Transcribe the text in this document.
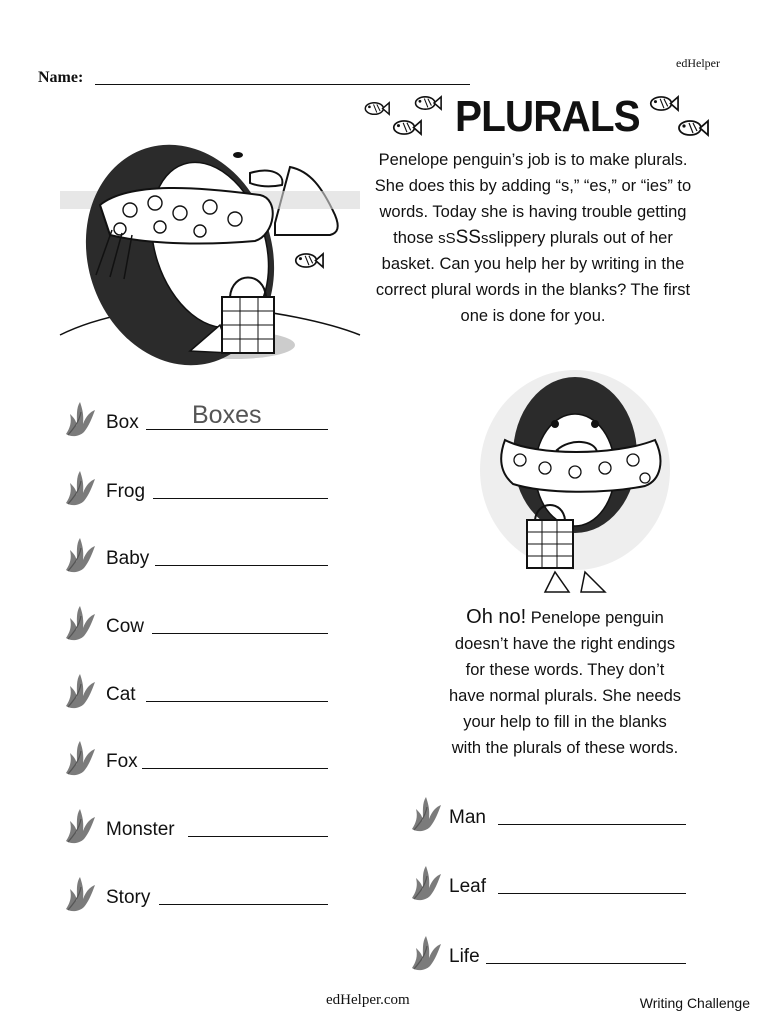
edHelper
Name:
PLURALS
Penelope penguin’s job is to make plurals.
She does this by adding “s,” “es,” or “ies” to
words. Today she is having trouble getting
those sSSSsslippery plurals out of her
basket. Can you help her by writing in the
correct plural words in the blanks? The first
one is done for you.
Box Boxes
Frog
Baby
Cow
Cat
Fox
Monster
Story
Oh no! Penelope penguin
doesn’t have the right endings
for these words. They don’t
have normal plurals. She needs
your help to fill in the blanks
with the plurals of these words.
Man
Leaf
Life
edHelper.com	Writing Challenge
